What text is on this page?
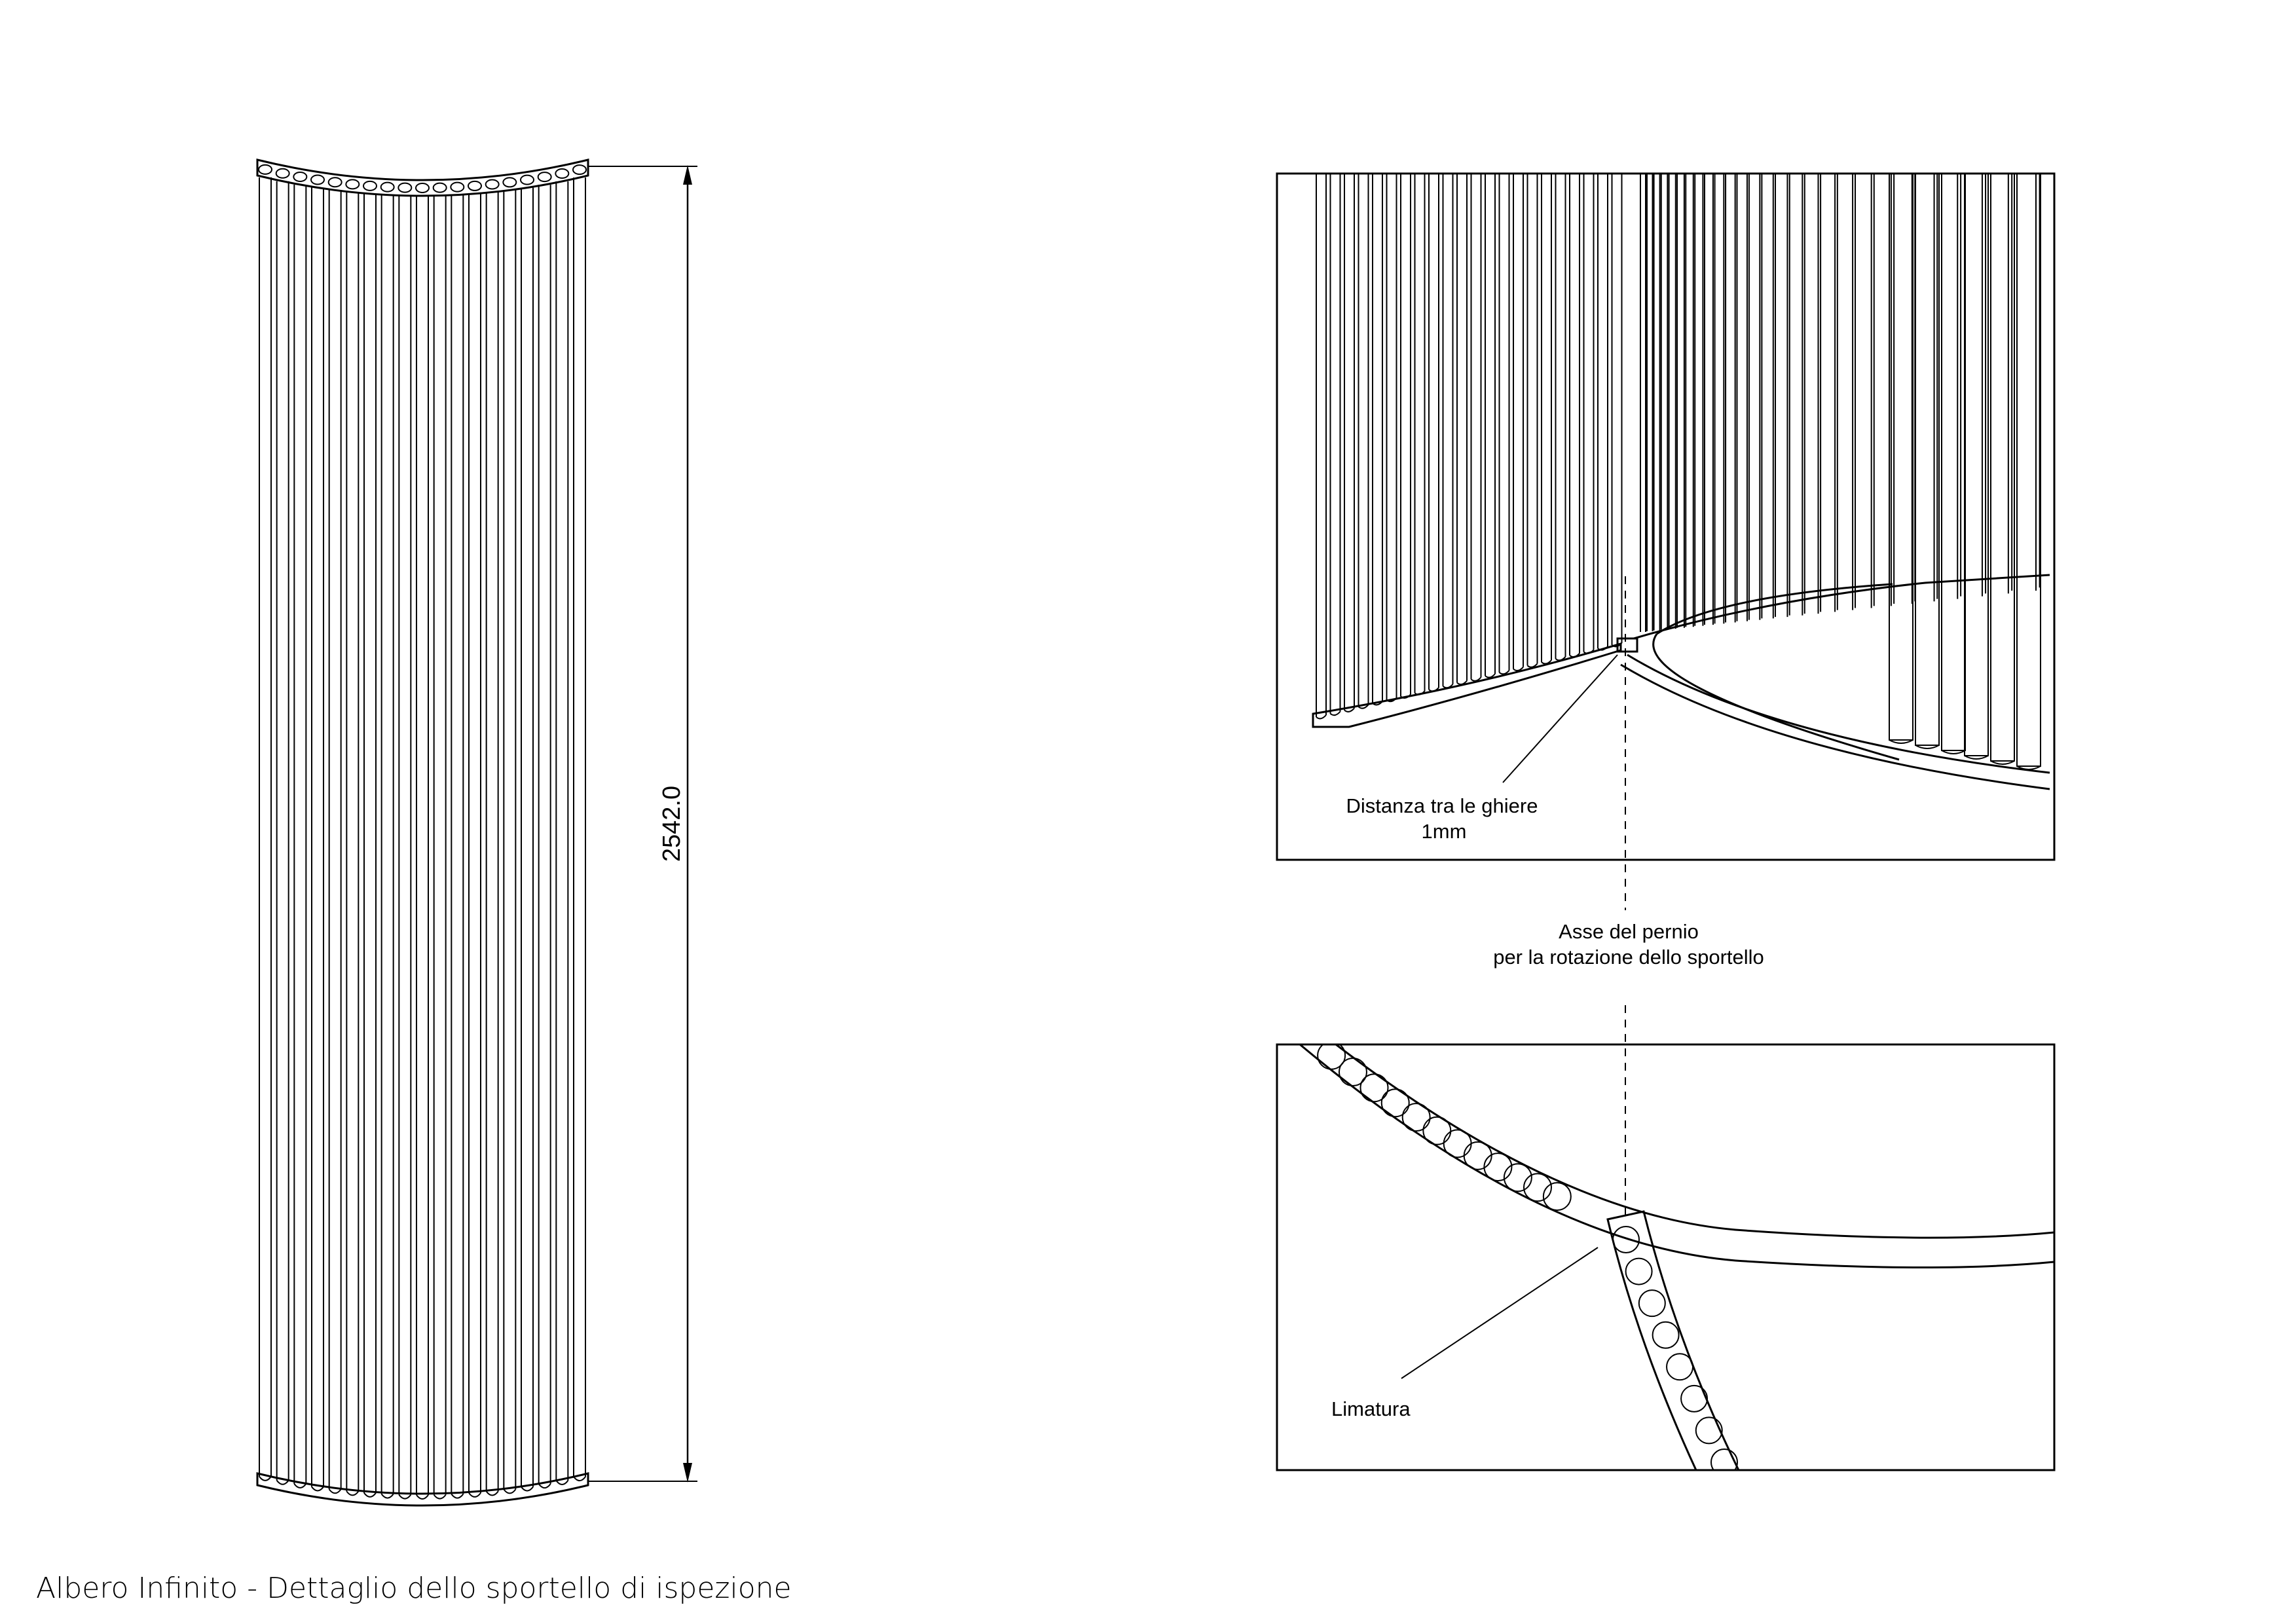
2542.0	Distanza tra le ghiere
1mm
Asse del pernio
per la rotazione dello sportello
Limatura
Albero Infinito - Dettaglio dello sportello di ispezione
